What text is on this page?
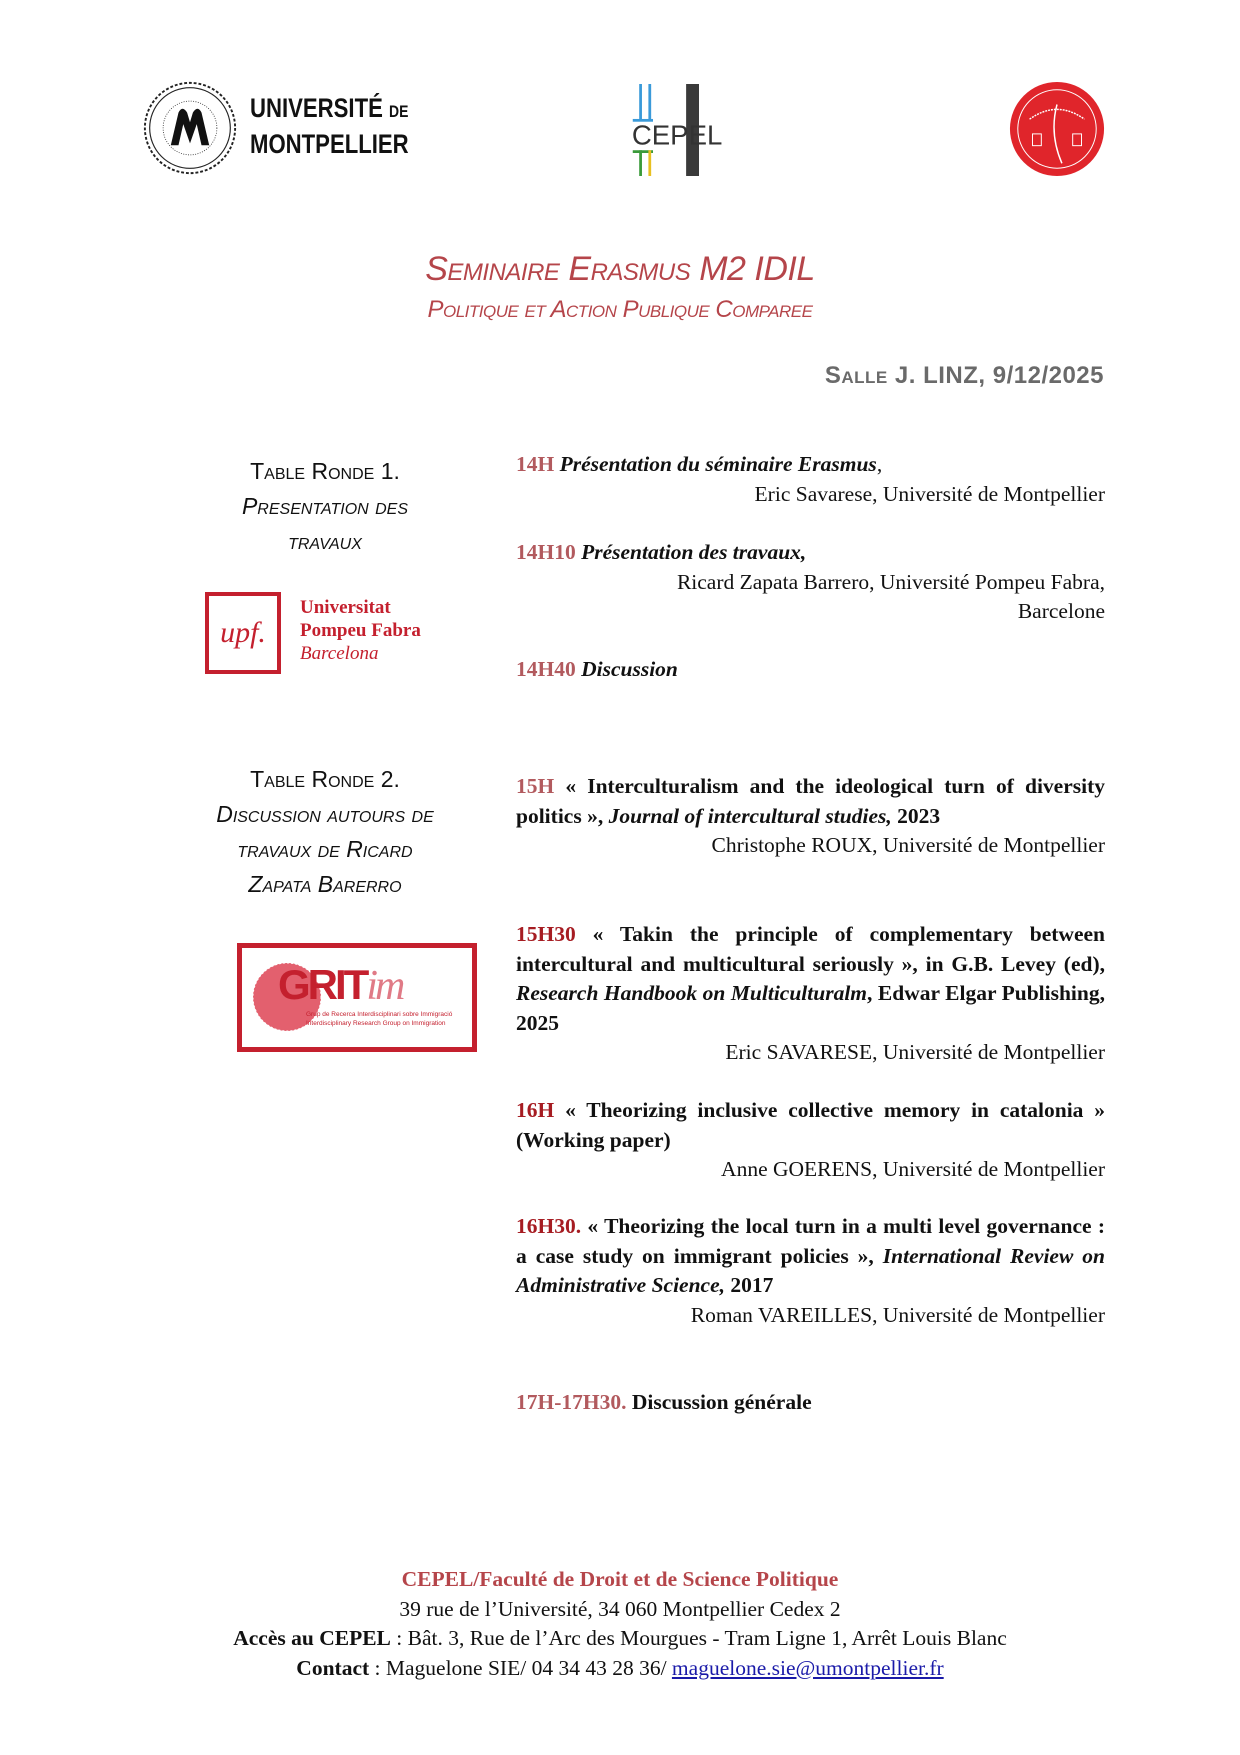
UNIVERSITÉ DE
MONTPELLIER	CEPEL
Seminaire Erasmus M2 IDIL
Politique et Action Publique Comparee
Salle J. LINZ, 9/12/2025
Table Ronde 1.
Presentation des
travaux
upf.
Universitat
Pompeu Fabra
Barcelona
14H Présentation du séminaire Erasmus,
Eric Savarese, Université de Montpellier
14H10 Présentation des travaux,
Ricard Zapata Barrero, Université Pompeu Fabra,
Barcelone
14H40 Discussion
Table Ronde 2.
Discussion autours de
travaux de Ricard
Zapata Barerro
GRITim
Grup de Recerca Interdisciplinari sobre Immigració
Interdisciplinary Research Group on Immigration
15H « Interculturalism and the ideological turn of diversity politics », Journal of intercultural studies, 2023
Christophe ROUX, Université de Montpellier
15H30 « Takin the principle of complementary between intercultural and multicultural seriously », in G.B. Levey (ed), Research Handbook on Multiculturalm, Edwar Elgar Publishing, 2025
Eric SAVARESE, Université de Montpellier
16H « Theorizing inclusive collective memory in catalonia » (Working paper)
Anne GOERENS, Université de Montpellier
16H30. « Theorizing the local turn in a multi level governance : a case study on immigrant policies », International Review on Administrative Science, 2017
Roman VAREILLES, Université de Montpellier
17H-17H30. Discussion générale
CEPEL/Faculté de Droit et de Science Politique
39 rue de l’Université, 34 060 Montpellier Cedex 2
Accès au CEPEL : Bât. 3, Rue de l’Arc des Mourgues - Tram Ligne 1, Arrêt Louis Blanc
Contact : Maguelone SIE/ 04 34 43 28 36/ maguelone.sie@umontpellier.fr
